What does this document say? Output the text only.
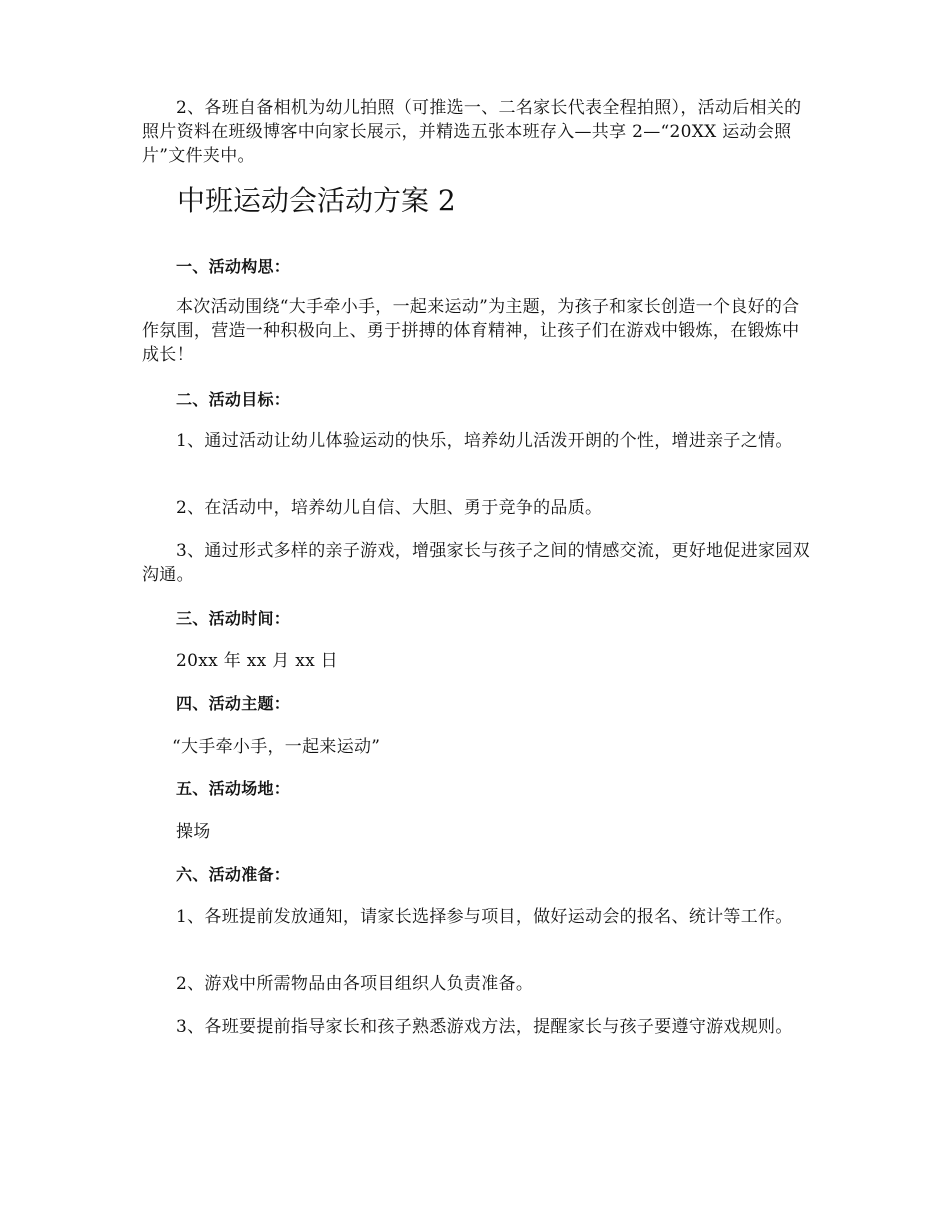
2、各班自备相机为幼儿拍照（可推选一、二名家长代表全程拍照），活动后相关的照片资料在班级博客中向家长展示，并精选五张本班存入—共享 2—“20XX 运动会照片”文件夹中。

中班运动会活动方案 2

一、活动构思：

本次活动围绕“大手牵小手，一起来运动”为主题，为孩子和家长创造一个良好的合作氛围，营造一种积极向上、勇于拼搏的体育精神，让孩子们在游戏中锻炼，在锻炼中成长！

二、活动目标：

1、通过活动让幼儿体验运动的快乐，培养幼儿活泼开朗的个性，增进亲子之情。

2、在活动中，培养幼儿自信、大胆、勇于竞争的品质。

3、通过形式多样的亲子游戏，增强家长与孩子之间的情感交流，更好地促进家园双沟通。

三、活动时间：

20xx 年 xx 月 xx 日

四、活动主题：

“大手牵小手，一起来运动”

五、活动场地：

操场

六、活动准备：

1、各班提前发放通知，请家长选择参与项目，做好运动会的报名、统计等工作。

2、游戏中所需物品由各项目组织人负责准备。

3、各班要提前指导家长和孩子熟悉游戏方法，提醒家长与孩子要遵守游戏规则。
